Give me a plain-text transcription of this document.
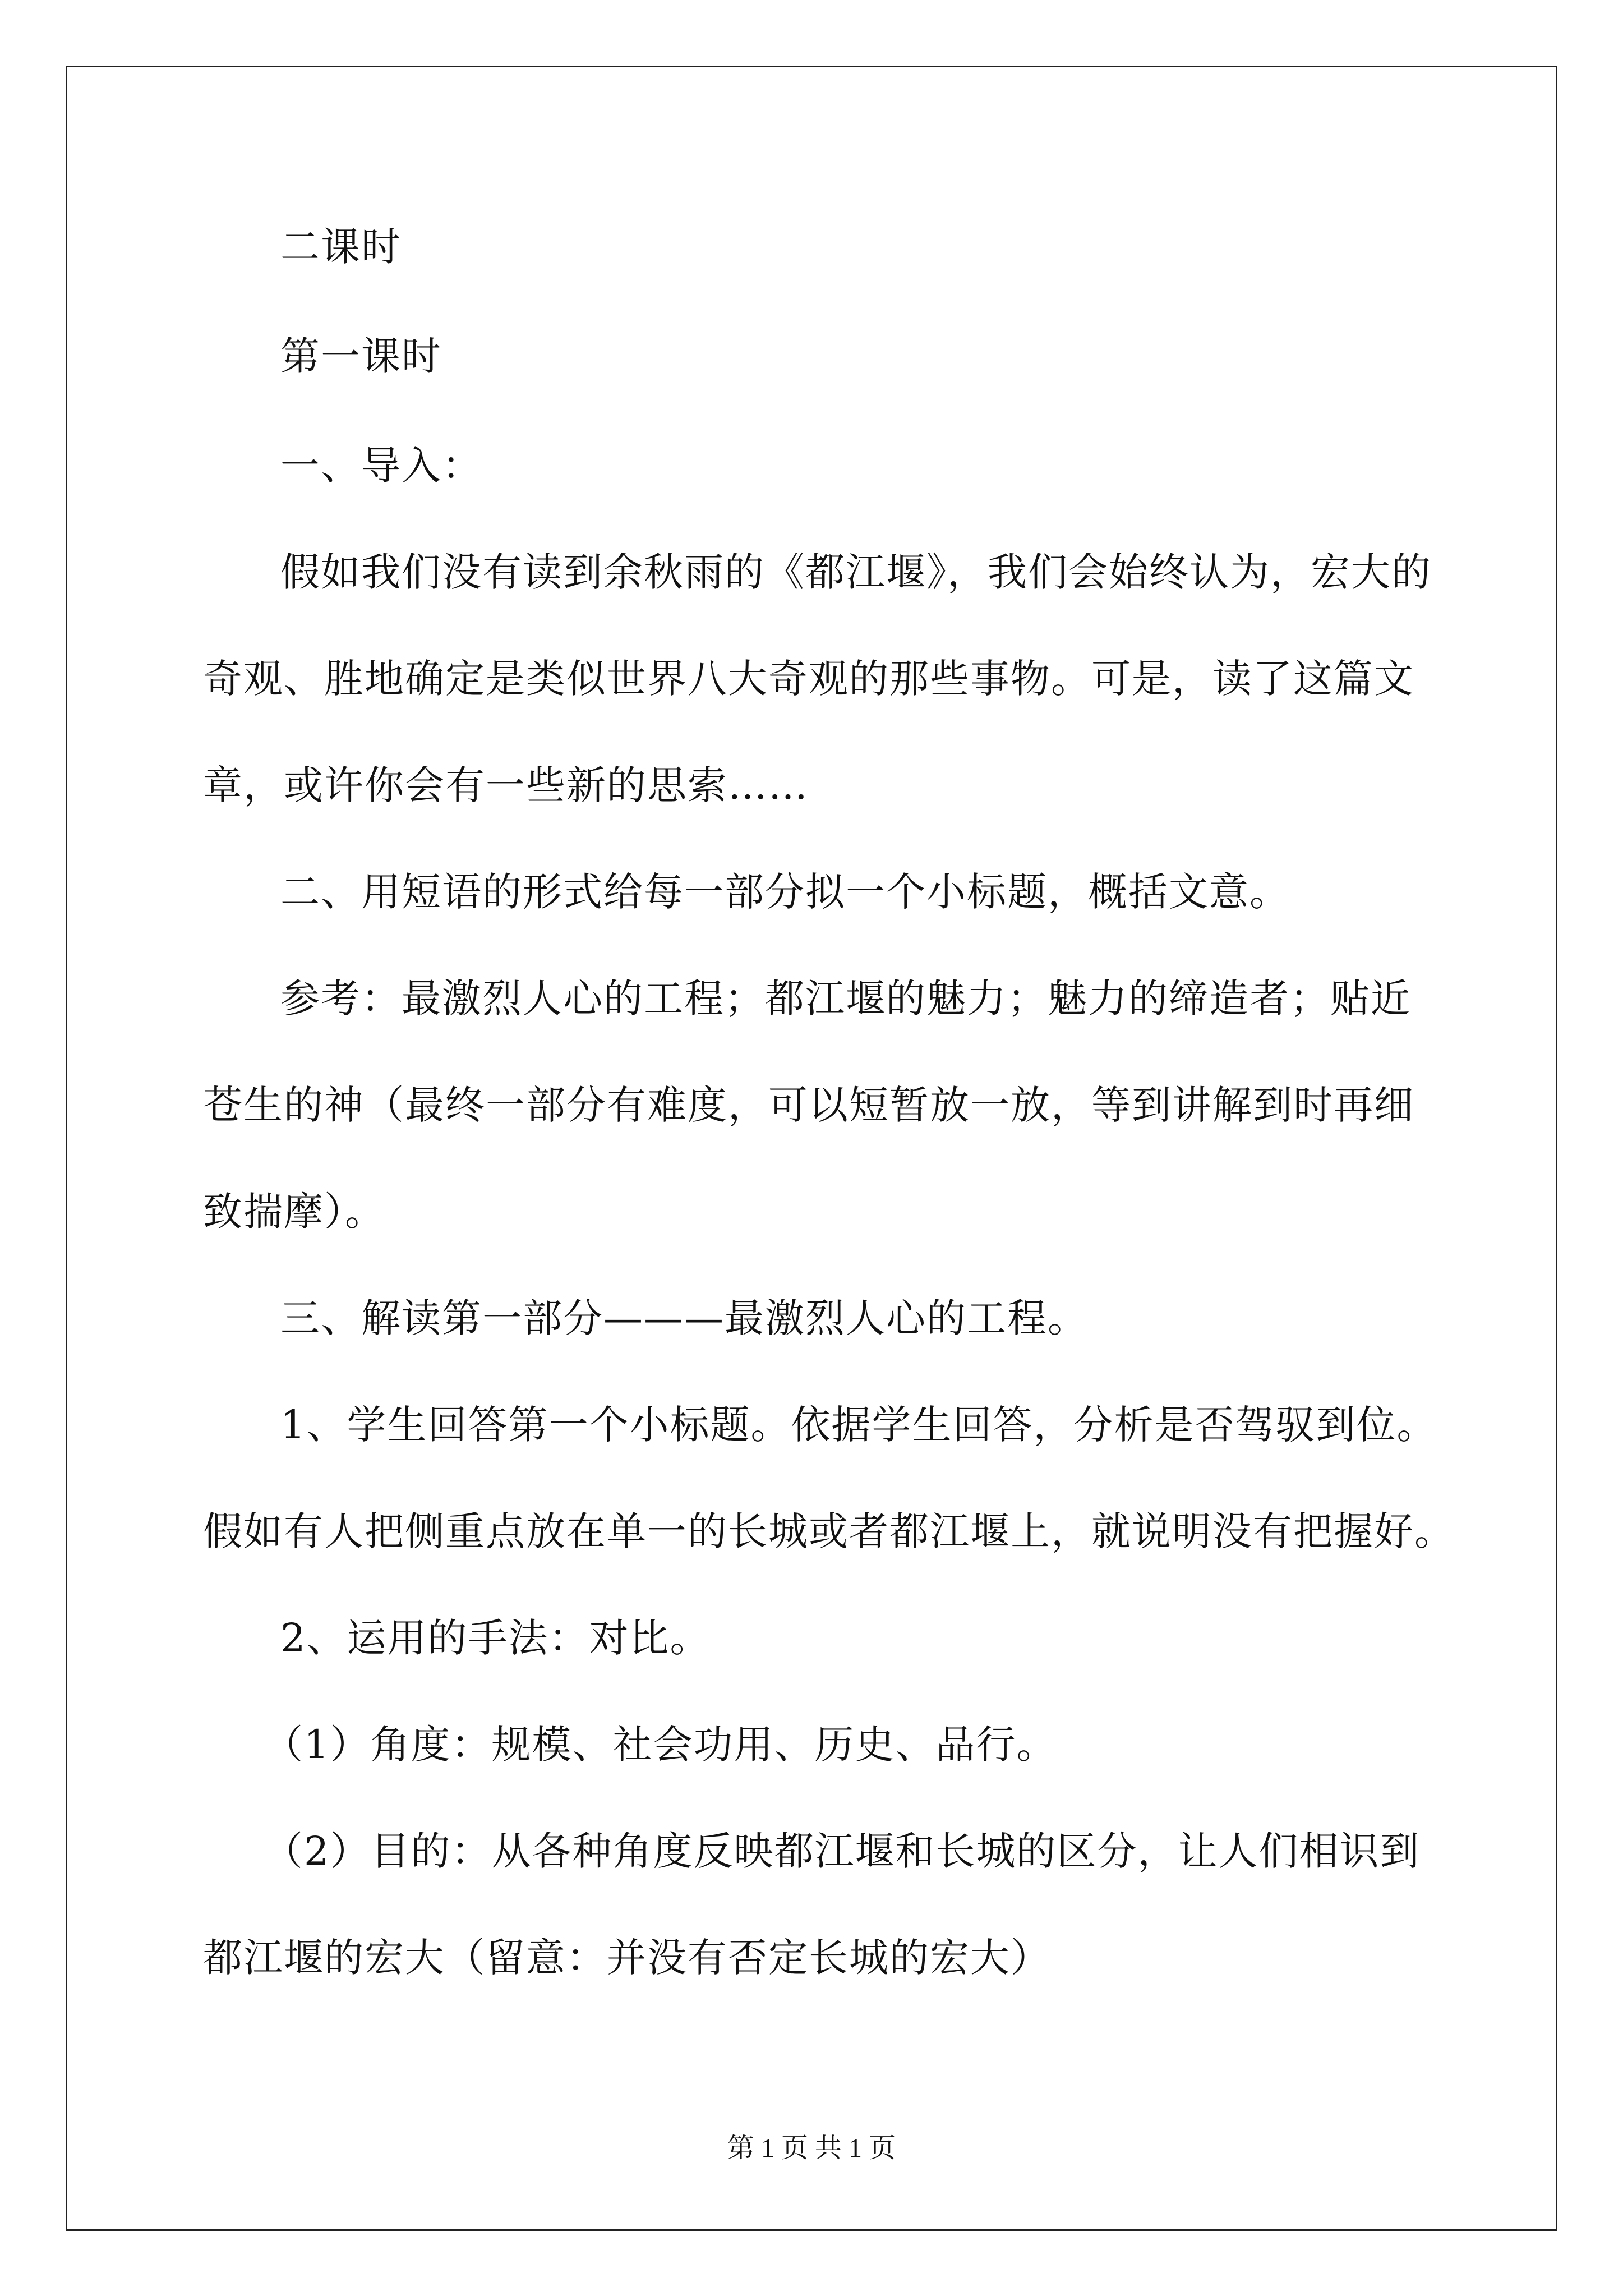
二课时
第一课时
一、导入：
假如我们没有读到余秋雨的《都江堰》，我们会始终认为，宏大的
奇观、胜地确定是类似世界八大奇观的那些事物。可是，读了这篇文
章，或许你会有一些新的思索……
二、用短语的形式给每一部分拟一个小标题，概括文意。
参考：最激烈人心的工程；都江堰的魅力；魅力的缔造者；贴近
苍生的神（最终一部分有难度，可以短暂放一放，等到讲解到时再细
致揣摩）。
三、解读第一部分———最激烈人心的工程。
1、学生回答第一个小标题。依据学生回答，分析是否驾驭到位。
假如有人把侧重点放在单一的长城或者都江堰上，就说明没有把握好。
2、运用的手法：对比。
（1）角度：规模、社会功用、历史、品行。
（2）目的：从各种角度反映都江堰和长城的区分，让人们相识到
都江堰的宏大（留意：并没有否定长城的宏大）
第 1 页 共 1 页
